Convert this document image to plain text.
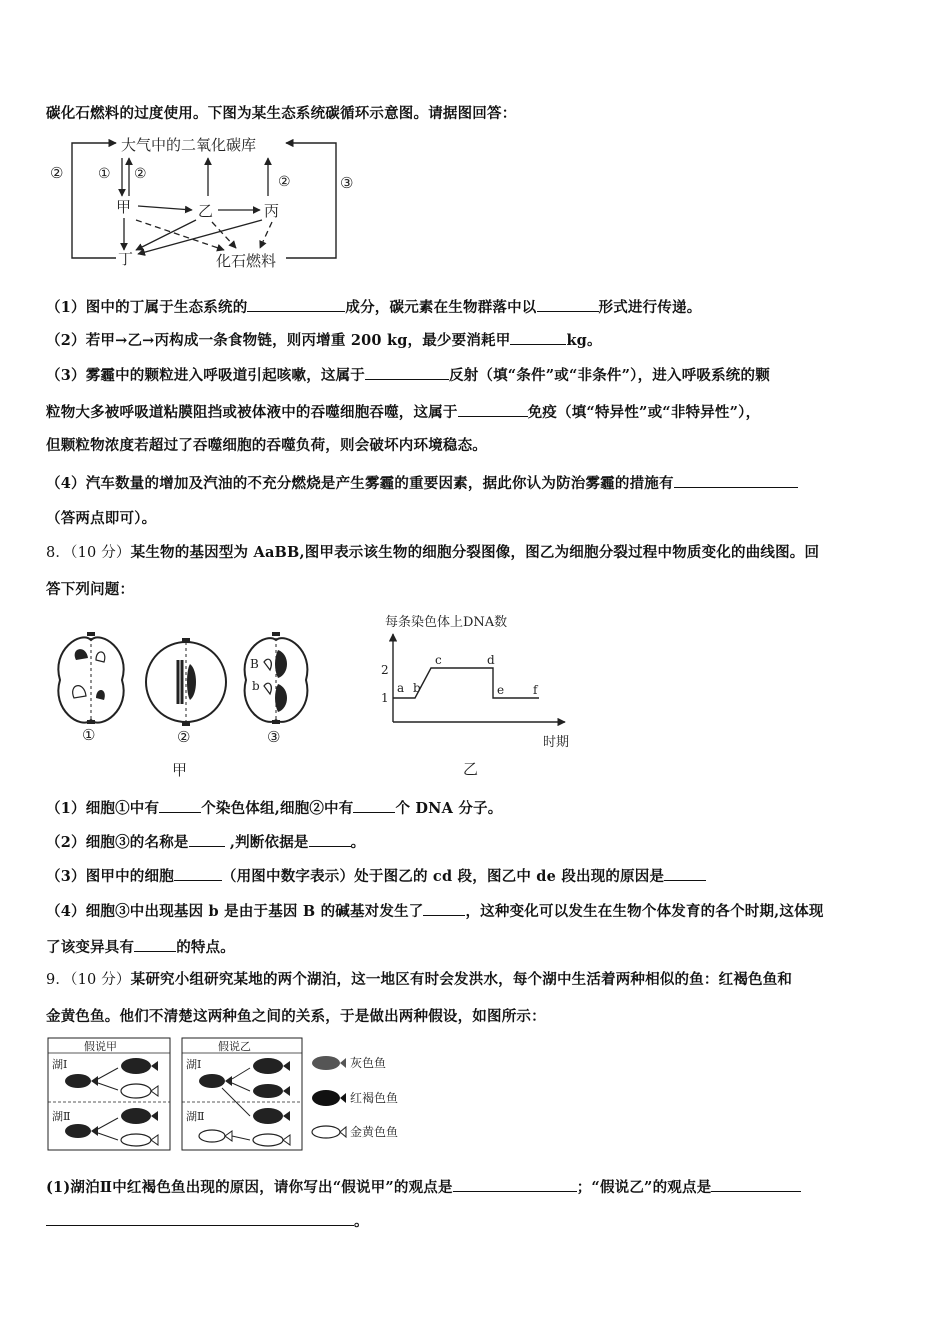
碳化石燃料的过度使用。下图为某生态系统碳循环示意图。请据图回答：
大气中的二氧化碳库
②
③
① ②	②
甲	乙	丙
丁	化石燃料
（1）图中的丁属于生态系统的	成分，碳元素在生物群落中以	形式进行传递。
（2）若甲→乙→丙构成一条食物链，则丙增重 200 kg，最少要消耗甲	kg。
（3）雾霾中的颗粒进入呼吸道引起咳嗽，这属于	反射（填“条件”或“非条件”），进入呼吸系统的颗
粒物大多被呼吸道粘膜阻挡或被体液中的吞噬细胞吞噬，这属于	免疫（填“特异性”或“非特异性”），
但颗粒物浓度若超过了吞噬细胞的吞噬负荷，则会破坏内环境稳态。
（4）汽车数量的增加及汽油的不充分燃烧是产生雾霾的重要因素，据此你认为防治雾霾的措施有
（答两点即可）。
8．（10 分）某生物的基因型为 AaBB,图甲表示该生物的细胞分裂图像，图乙为细胞分裂过程中物质变化的曲线图。回
答下列问题：
①	②
B
b
③
甲
每条染色体上DNA数
2
1
a b
c	d
e f
时期
乙
（1）细胞①中有	个染色体组,细胞②中有	个 DNA 分子。
（2）细胞③的名称是 ,判断依据是	。
（3）图甲中的细胞	（用图中数字表示）处于图乙的 cd 段，图乙中 de 段出现的原因是
（4）细胞③中出现基因 b 是由于基因 B 的碱基对发生了	，这种变化可以发生在生物个体发育的各个时期,这体现
了该变异具有	的特点。
9．（10 分）某研究小组研究某地的两个湖泊，这一地区有时会发洪水，每个湖中生活着两种相似的鱼：红褐色鱼和
金黄色鱼。他们不清楚这两种鱼之间的关系，于是做出两种假设，如图所示：
假说甲
湖Ⅰ
湖Ⅱ
假说乙
湖Ⅰ
湖Ⅱ
灰色鱼
红褐色鱼
金黄色鱼
(1)湖泊Ⅱ中红褐色鱼出现的原因，请你写出“假说甲”的观点是	；“假说乙”的观点是
。
